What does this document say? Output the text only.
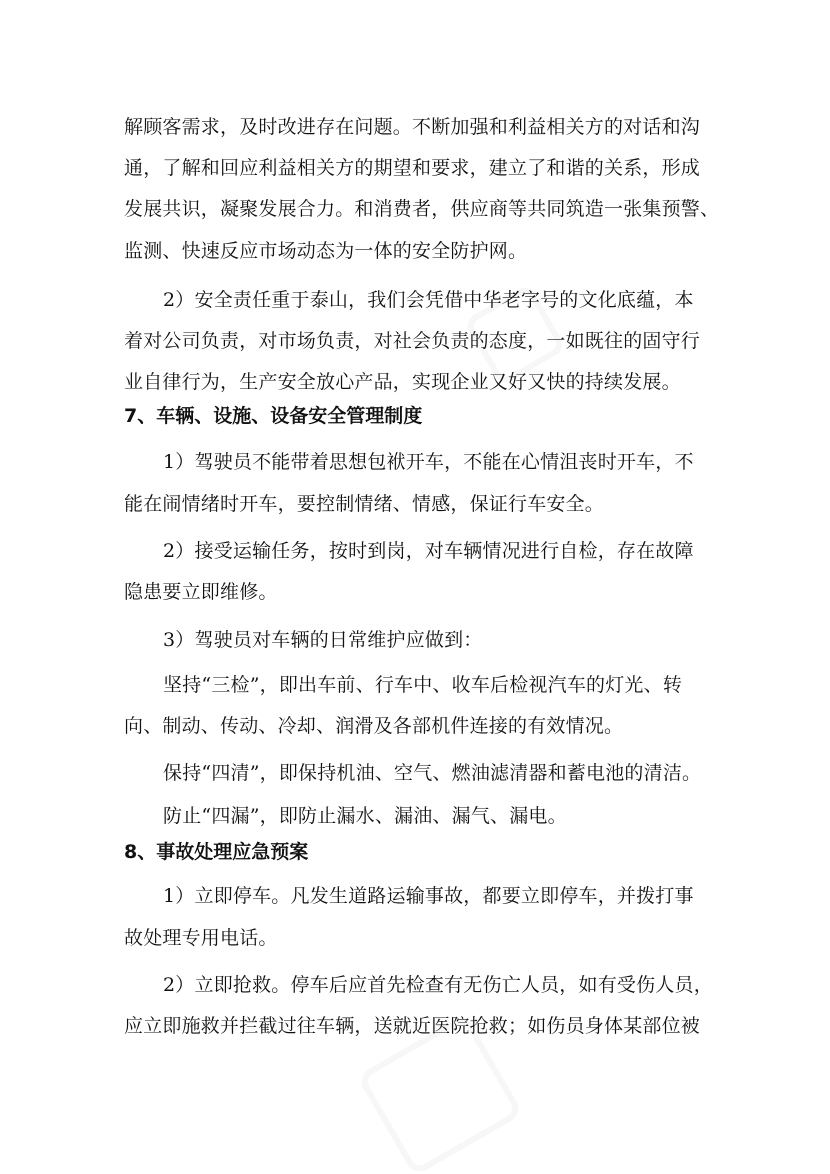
解顾客需求，及时改进存在问题。不断加强和利益相关方的对话和沟
通，了解和回应利益相关方的期望和要求，建立了和谐的关系，形成
发展共识，凝聚发展合力。和消费者，供应商等共同筑造一张集预警、
监测、快速反应市场动态为一体的安全防护网。
2）安全责任重于泰山，我们会凭借中华老字号的文化底蕴，本
着对公司负责，对市场负责，对社会负责的态度，一如既往的固守行
业自律行为，生产安全放心产品，实现企业又好又快的持续发展。
7、车辆、设施、设备安全管理制度
1）驾驶员不能带着思想包袱开车，不能在心情沮丧时开车，不
能在闹情绪时开车，要控制情绪、情感，保证行车安全。
2）接受运输任务，按时到岗，对车辆情况进行自检，存在故障
隐患要立即维修。
3）驾驶员对车辆的日常维护应做到：
坚持“三检”，即出车前、行车中、收车后检视汽车的灯光、转
向、制动、传动、冷却、润滑及各部机件连接的有效情况。
保持“四清”，即保持机油、空气、燃油滤清器和蓄电池的清洁。
防止“四漏”，即防止漏水、漏油、漏气、漏电。
8、事故处理应急预案
1）立即停车。凡发生道路运输事故，都要立即停车，并拨打事
故处理专用电话。
2）立即抢救。停车后应首先检查有无伤亡人员，如有受伤人员，
应立即施救并拦截过往车辆，送就近医院抢救；如伤员身体某部位被
